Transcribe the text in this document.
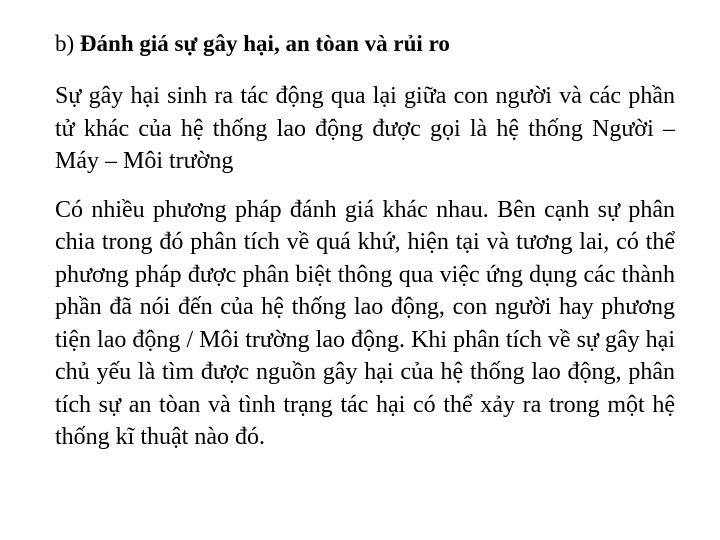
b) Đánh giá sự gây hại, an tòan và rủi ro

Sự gây hại sinh ra tác động qua lại giữa con người và các phần tử khác của hệ thống lao động được gọi là hệ thống Người – Máy – Môi trường

Có nhiều phương pháp đánh giá khác nhau. Bên cạnh sự phân chia trong đó phân tích về quá khứ, hiện tại và tương lai, có thể phương pháp được phân biệt thông qua việc ứng dụng các thành phần đã nói đến của hệ thống lao động, con người hay phương tiện lao động / Môi trường lao động. Khi phân tích về sự gây hại chủ yếu là tìm được nguồn gây hại của hệ thống lao động, phân tích sự an tòan và tình trạng tác hại có thể xảy ra trong một hệ thống kĩ thuật nào đó.
